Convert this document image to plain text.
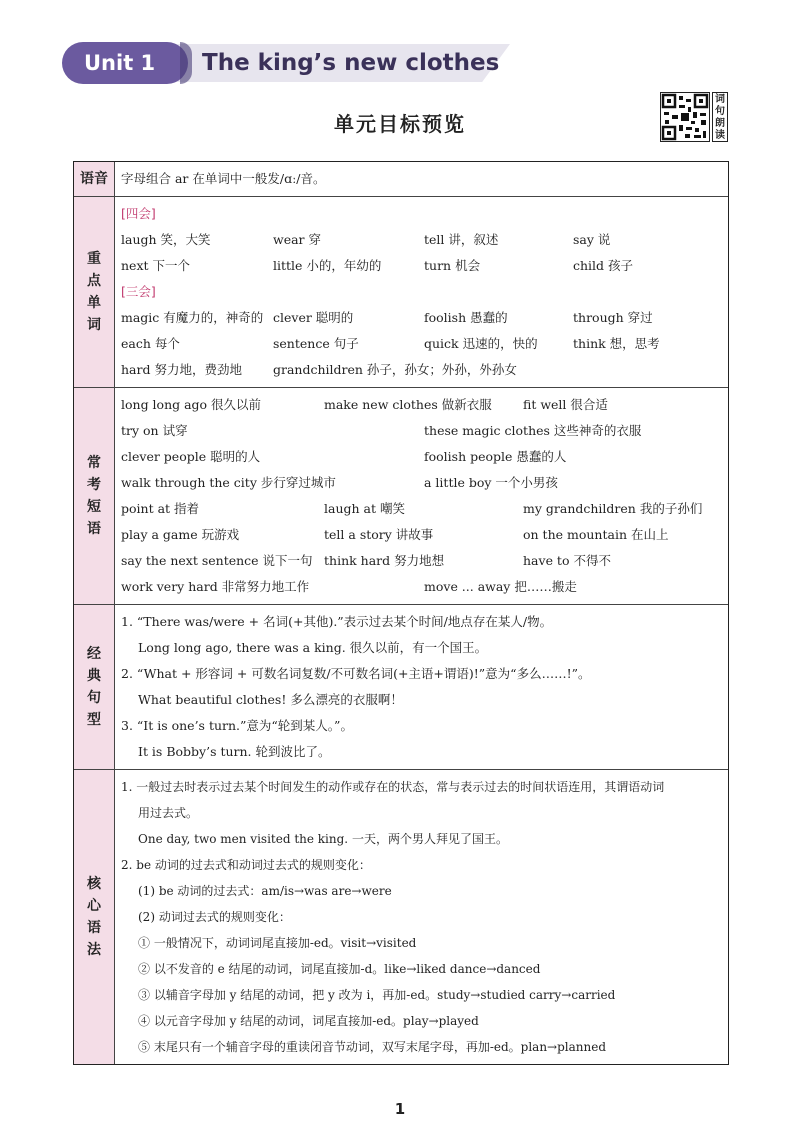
Unit 1	The king’s new clothes
单元目标预览
词句朗读
语音 字母组合 ar 在单词中一般发/ɑː/音。
重点单词
[四会]
laugh 笑，大笑	wear 穿	tell 讲，叙述	say 说
next 下一个	little 小的，年幼的	turn 机会	child 孩子
[三会]
magic 有魔力的，神奇的 clever 聪明的	foolish 愚蠢的	through 穿过
each 每个	sentence 句子	quick 迅速的，快的	think 想，思考
hard 努力地，费劲地 grandchildren 孙子，孙女；外孙，外孙女
常考短语
long long ago 很久以前	make new clothes 做新衣服 fit well 很合适
try on 试穿	these magic clothes 这些神奇的衣服
clever people 聪明的人	foolish people 愚蠢的人
walk through the city 步行穿过城市	a little boy 一个小男孩
point at 指着	laugh at 嘲笑	my grandchildren 我的子孙们
play a game 玩游戏	tell a story 讲故事	on the mountain 在山上
say the next sentence 说下一句 think hard 努力地想	have to 不得不
work very hard 非常努力地工作	move ... away 把……搬走
经典句型
1. “There was/were + 名词(+其他).”表示过去某个时间/地点存在某人/物。
Long long ago, there was a king. 很久以前，有一个国王。
2. “What + 形容词 + 可数名词复数/不可数名词(+主语+谓语)!”意为“多么……!”。
What beautiful clothes! 多么漂亮的衣服啊！
3. “It is one’s turn.”意为“轮到某人。”。
It is Bobby’s turn. 轮到波比了。
核心语法
1. 一般过去时表示过去某个时间发生的动作或存在的状态，常与表示过去的时间状语连用，其谓语动词
用过去式。
One day, two men visited the king. 一天，两个男人拜见了国王。
2. be 动词的过去式和动词过去式的规则变化：
(1) be 动词的过去式：am/is→was are→were
(2) 动词过去式的规则变化：
① 一般情况下，动词词尾直接加-ed。visit→visited
② 以不发音的 e 结尾的动词，词尾直接加-d。like→liked dance→danced
③ 以辅音字母加 y 结尾的动词，把 y 改为 i，再加-ed。study→studied carry→carried
④ 以元音字母加 y 结尾的动词，词尾直接加-ed。play→played
⑤ 末尾只有一个辅音字母的重读闭音节动词，双写末尾字母，再加-ed。plan→planned
1
